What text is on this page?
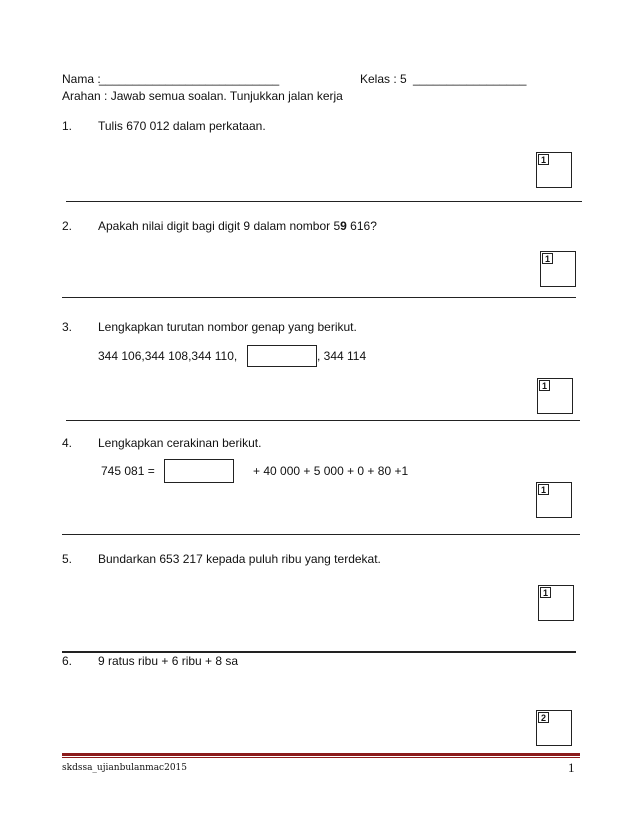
Nama :
___________________________	Kelas : 5 _________________
Arahan : Jawab semua soalan. Tunjukkan jalan kerja
1. Tulis 670 012 dalam perkataan.
1
2. Apakah nilai digit bagi digit 9 dalam nombor 59 616?
1
3. Lengkapkan turutan nombor genap yang berikut.
344 106,344 108,344 110,	, 344 114
1
4. Lengkapkan cerakinan berikut.
745 081 =	+ 40 000 + 5 000 + 0 + 80 +1
1
5. Bundarkan 653 217 kepada puluh ribu yang terdekat.
1
6. 9 ratus ribu + 6 ribu + 8 sa
2
skdssa_ujianbulanmac2015	1
